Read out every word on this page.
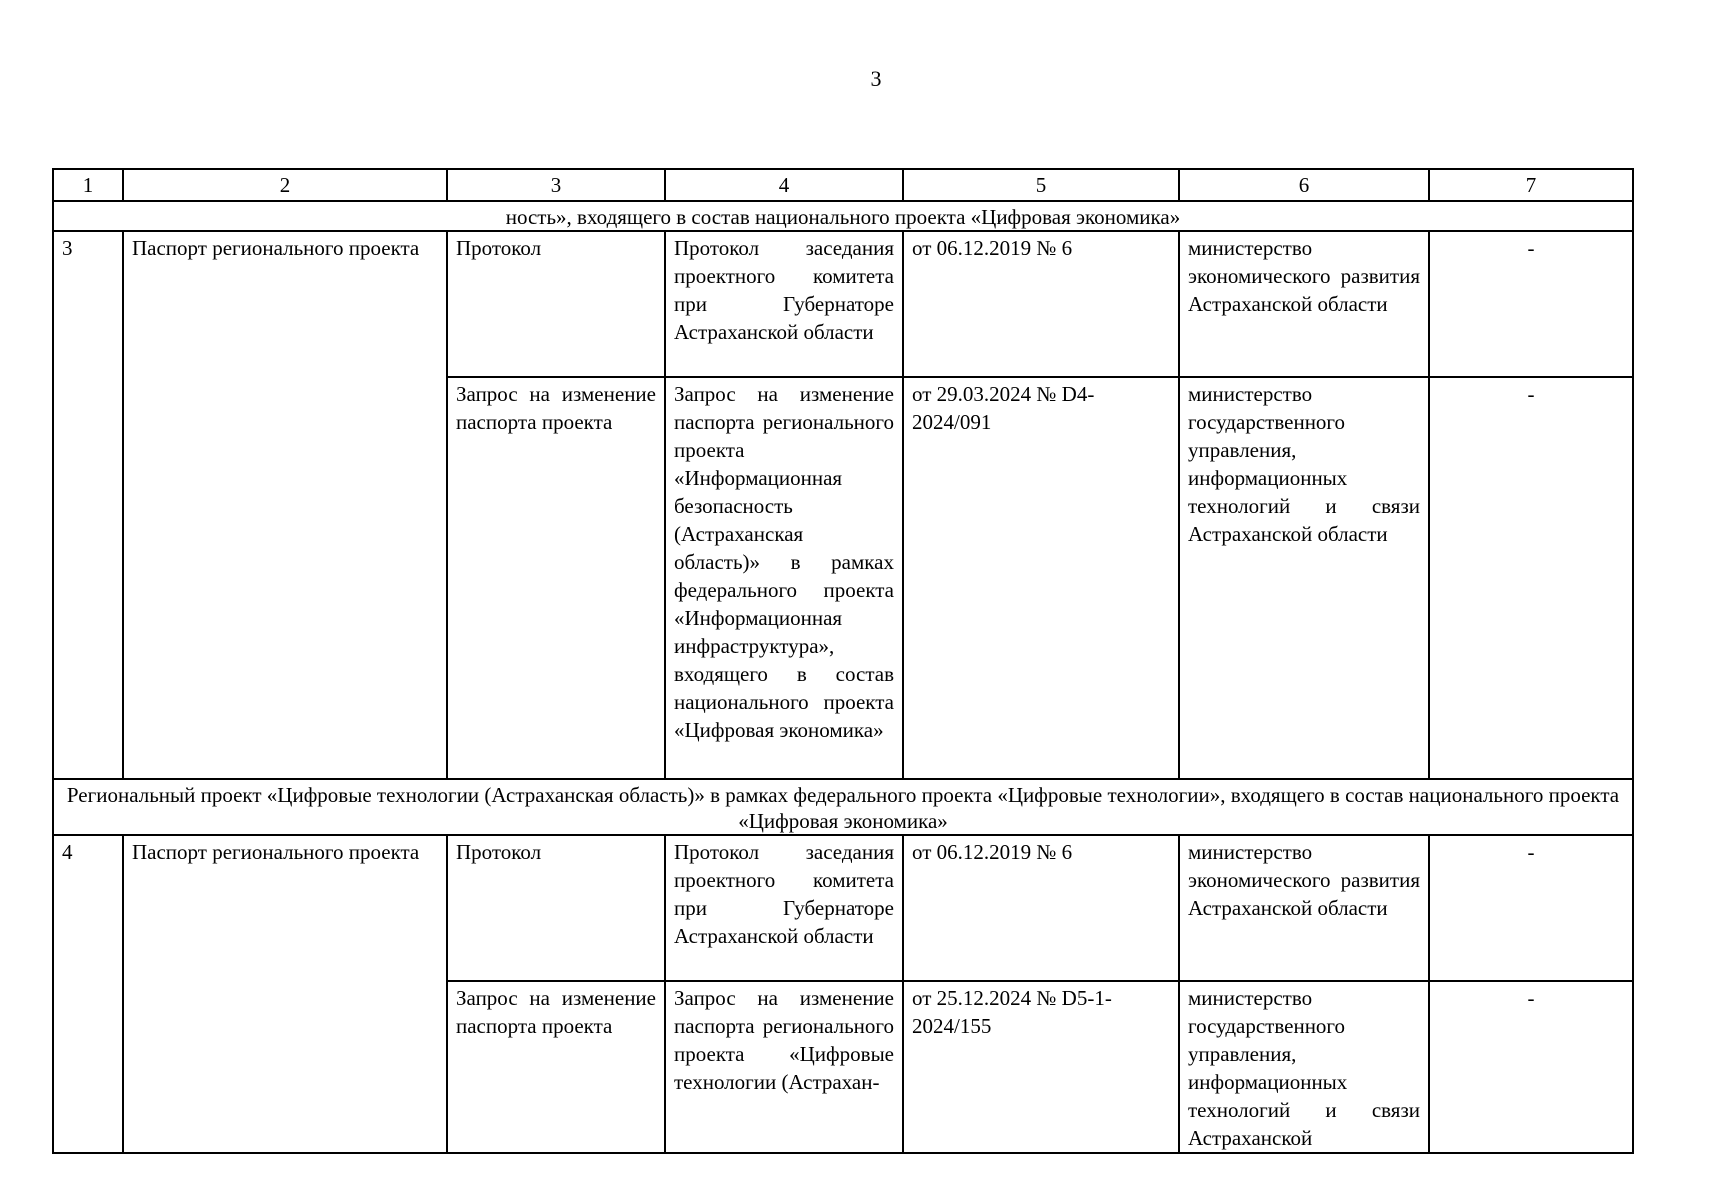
3
1	2	3	4	5	6	7
ность», входящего в состав национального проекта «Цифровая экономика»						
3	Паспорт регионального проекта	Протокол	Протокол заседания проектного комитета при Губернаторе Астраханской области	от 06.12.2019 № 6	министерство экономического развития Астраханской области	-
		Запрос на изменение паспорта проекта	Запрос на изменение паспорта регионального проекта «Информационная безопасность (Астраханская область)» в рамках федерального проекта «Информационная инфраструктура», входящего в состав национального проекта «Цифровая экономика»	от 29.03.2024 № D4-2024/091	министерство государственного управления, информационных технологий и связи Астраханской области	-
Региональный проект «Цифровые технологии (Астраханская область)» в рамках федерального проекта «Цифровые технологии», входящего в состав национального проекта «Цифровая экономика»						
4	Паспорт регионального проекта	Протокол	Протокол заседания проектного комитета при Губернаторе Астраханской области	от 06.12.2019 № 6	министерство экономического развития Астраханской области	-
		Запрос на изменение паспорта проекта	Запрос на изменение паспорта регионального проекта «Цифровые технологии (Астрахан-	от 25.12.2024 № D5-1-2024/155	министерство государственного управления, информационных технологий и связи Астраханской	-
